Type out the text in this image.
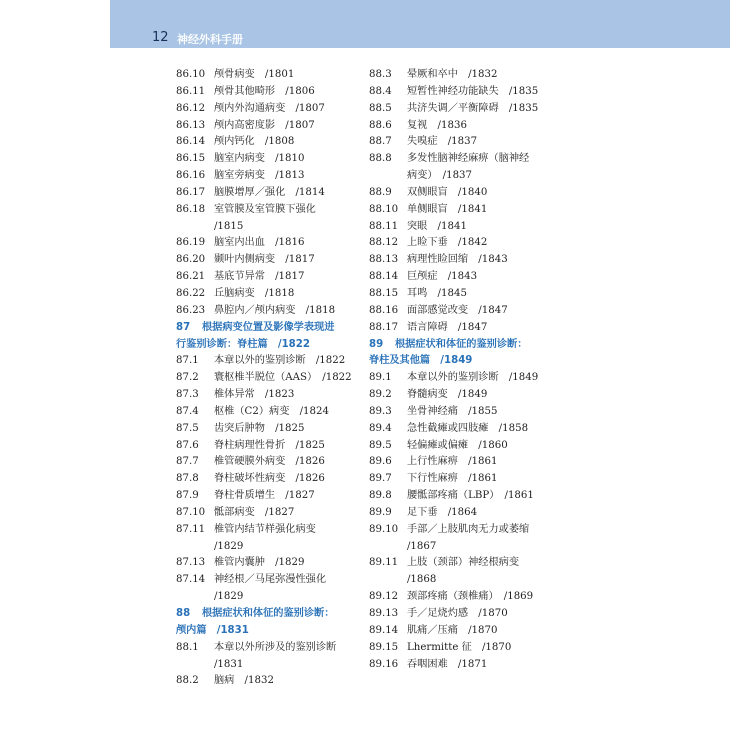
12 神经外科手册
86.10 颅骨病变　/1801
86.11 颅骨其他畸形　/1806
86.12 颅内外沟通病变　/1807
86.13 颅内高密度影　/1807
86.14 颅内钙化　/1808
86.15 脑室内病变　/1810
86.16 脑室旁病变　/1813
86.17 脑膜增厚／强化　/1814
86.18 室管膜及室管膜下强化
/1815
86.19 脑室内出血　/1816
86.20 颞叶内侧病变　/1817
86.21 基底节异常　/1817
86.22 丘脑病变　/1818
86.23 鼻腔内／颅内病变　/1818
87	根据病变位置及影像学表现进
行鉴别诊断：脊柱篇　/1822
87.1	本章以外的鉴别诊断　/1822
87.2	寰枢椎半脱位（AAS）　/1822
87.3	椎体异常　/1823
87.4	枢椎（C2）病变　/1824
87.5	齿突后肿物　/1825
87.6	脊柱病理性骨折　/1825
87.7	椎管硬膜外病变　/1826
87.8	脊柱破坏性病变　/1826
87.9	脊柱骨质增生　/1827
87.10 骶部病变　/1827
87.11 椎管内结节样强化病变
/1829
87.13 椎管内囊肿　/1829
87.14 神经根／马尾弥漫性强化
/1829
88	根据症状和体征的鉴别诊断：
颅内篇　/1831
88.1	本章以外所涉及的鉴别诊断
/1831
88.2	脑病　/1832
88.3	晕厥和卒中　/1832
88.4	短暂性神经功能缺失　/1835
88.5	共济失调／平衡障碍　/1835
88.6	复视　/1836
88.7	失嗅症　/1837
88.8	多发性脑神经麻痹（脑神经
病变）　/1837
88.9	双侧眼盲　/1840
88.10 单侧眼盲　/1841
88.11 突眼　/1841
88.12 上睑下垂　/1842
88.13 病理性睑回缩　/1843
88.14 巨颅症　/1843
88.15 耳鸣　/1845
88.16 面部感觉改变　/1847
88.17 语言障碍　/1847
89	根据症状和体征的鉴别诊断：
脊柱及其他篇　/1849
89.1	本章以外的鉴别诊断　/1849
89.2	脊髓病变　/1849
89.3	坐骨神经痛　/1855
89.4	急性截瘫或四肢瘫　/1858
89.5	轻偏瘫或偏瘫　/1860
89.6	上行性麻痹　/1861
89.7	下行性麻痹　/1861
89.8	腰骶部疼痛（LBP）　/1861
89.9	足下垂　/1864
89.10 手部／上肢肌肉无力或萎缩
/1867
89.11 上肢（颈部）神经根病变
/1868
89.12 颈部疼痛（颈椎痛）　/1869
89.13 手／足烧灼感　/1870
89.14 肌痛／压痛　/1870
89.15 Lhermitte 征　/1870
89.16 吞咽困难　/1871
